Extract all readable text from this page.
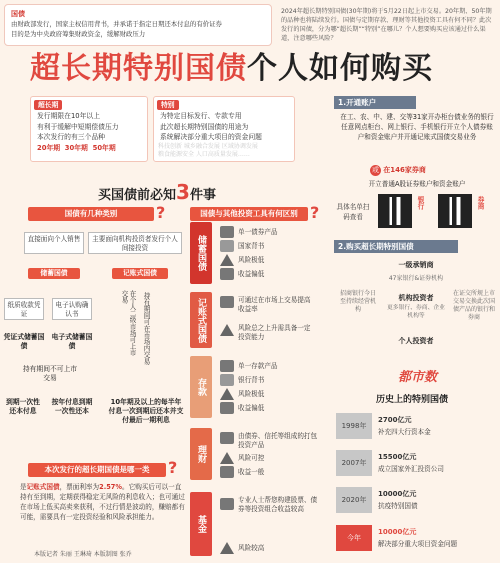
国债
由财政部发行，国家主权信用背书，并承诺于指定日期还本付息的有价证券
目的是为中央政府筹集财政资金，缓解财政压力
2024年超长期特别国债(30年期)将于5月22日起上市交易。20年期、50年期的品种也将陆续发行。国债与定期存款、理财等其他投资工具有何不同？此次发行的国债，分为哪“超长期”“特别”在哪儿？个人想要购买应该通过什么渠道，注意哪些风险？
超长期特别国债个人如何购买
超长期
发行期限在10年以上
有利于缓解中短期偿债压力
本次发行的有三个品种
20年期 30年期 50年期
特别
为特定目标发行、专款专用
此次超长期特别国债的用途为
系统解决部分重大项目的资金问题
科技创新 城乡融合发展 区域协调发展
粮食能源安全 人口高质量发展……
买国债前必知3件事
国债有几种类别	?
直接面向个人销售	主要面向机构投资者发行个人间接投资
储蓄国债	记账式国债
纸质收款凭证
电子认购确认书
凭证式储蓄国债
电子式储蓄国债
持有期间不可上市交易
到期一次性还本付息
按年付息到期一次性还本
在个人二级市场可上市交易	持有期间可在市场内交易
10年期及以上的每半年付息一次到期后还本并支付最后一期利息
本次发行的超长期国债是哪一类	?
是记账式国债，票面利率为2.57%。它购买后可以一直持有至到期，定期获得稳定无风险的利息收入；也可通过在市场上低买高卖来获利，不过行情是波动的，赚赔都有可能，需要具有一定投资经验和风险承担能力。
本版记者 朱丽 王琳琦 本版制图 张乔
国债与其他投资工具有何区别 ?
储蓄国债
单一债券产品
国家背书
风险极低
收益偏低
记账式国债	可通过在市场上交易提高收益率
风险总之上升需具备一定投资能力
存款
单一存款产品
银行背书
风险极低
收益偏低
理财
由债券、信托等组成的打包投资产品
风险可控
收益一般
基金
专业人士帮您构建股票、债券等投资组合收益较高
风险较高
1.开通账户
在工、农、中、建、交等31家开办柜台债业务的银行任意网点柜台、网上银行、手机银行开立个人债券账户和资金账户并开通记账式国债交易业务
或 在146家券商
开立普通A股证券账户和资金账户
具体名单扫码查看
银行	券商
2.购买超长期特别国债
一级承销商
47家银行&证券机构
招商银行今日至持续经营机构
机构投资者
更多银行、券商、企业机构等
在证交所规上市交易交换此次国债产品的银行和券商
个人投资者
都市数
历史上的特别国债
1998年
2700亿元
补充四大行资本金
2007年
15500亿元
成立国家外汇投资公司
2020年
10000亿元
抗疫特别国债
今年
10000亿元
解决部分重大项目资金问题
